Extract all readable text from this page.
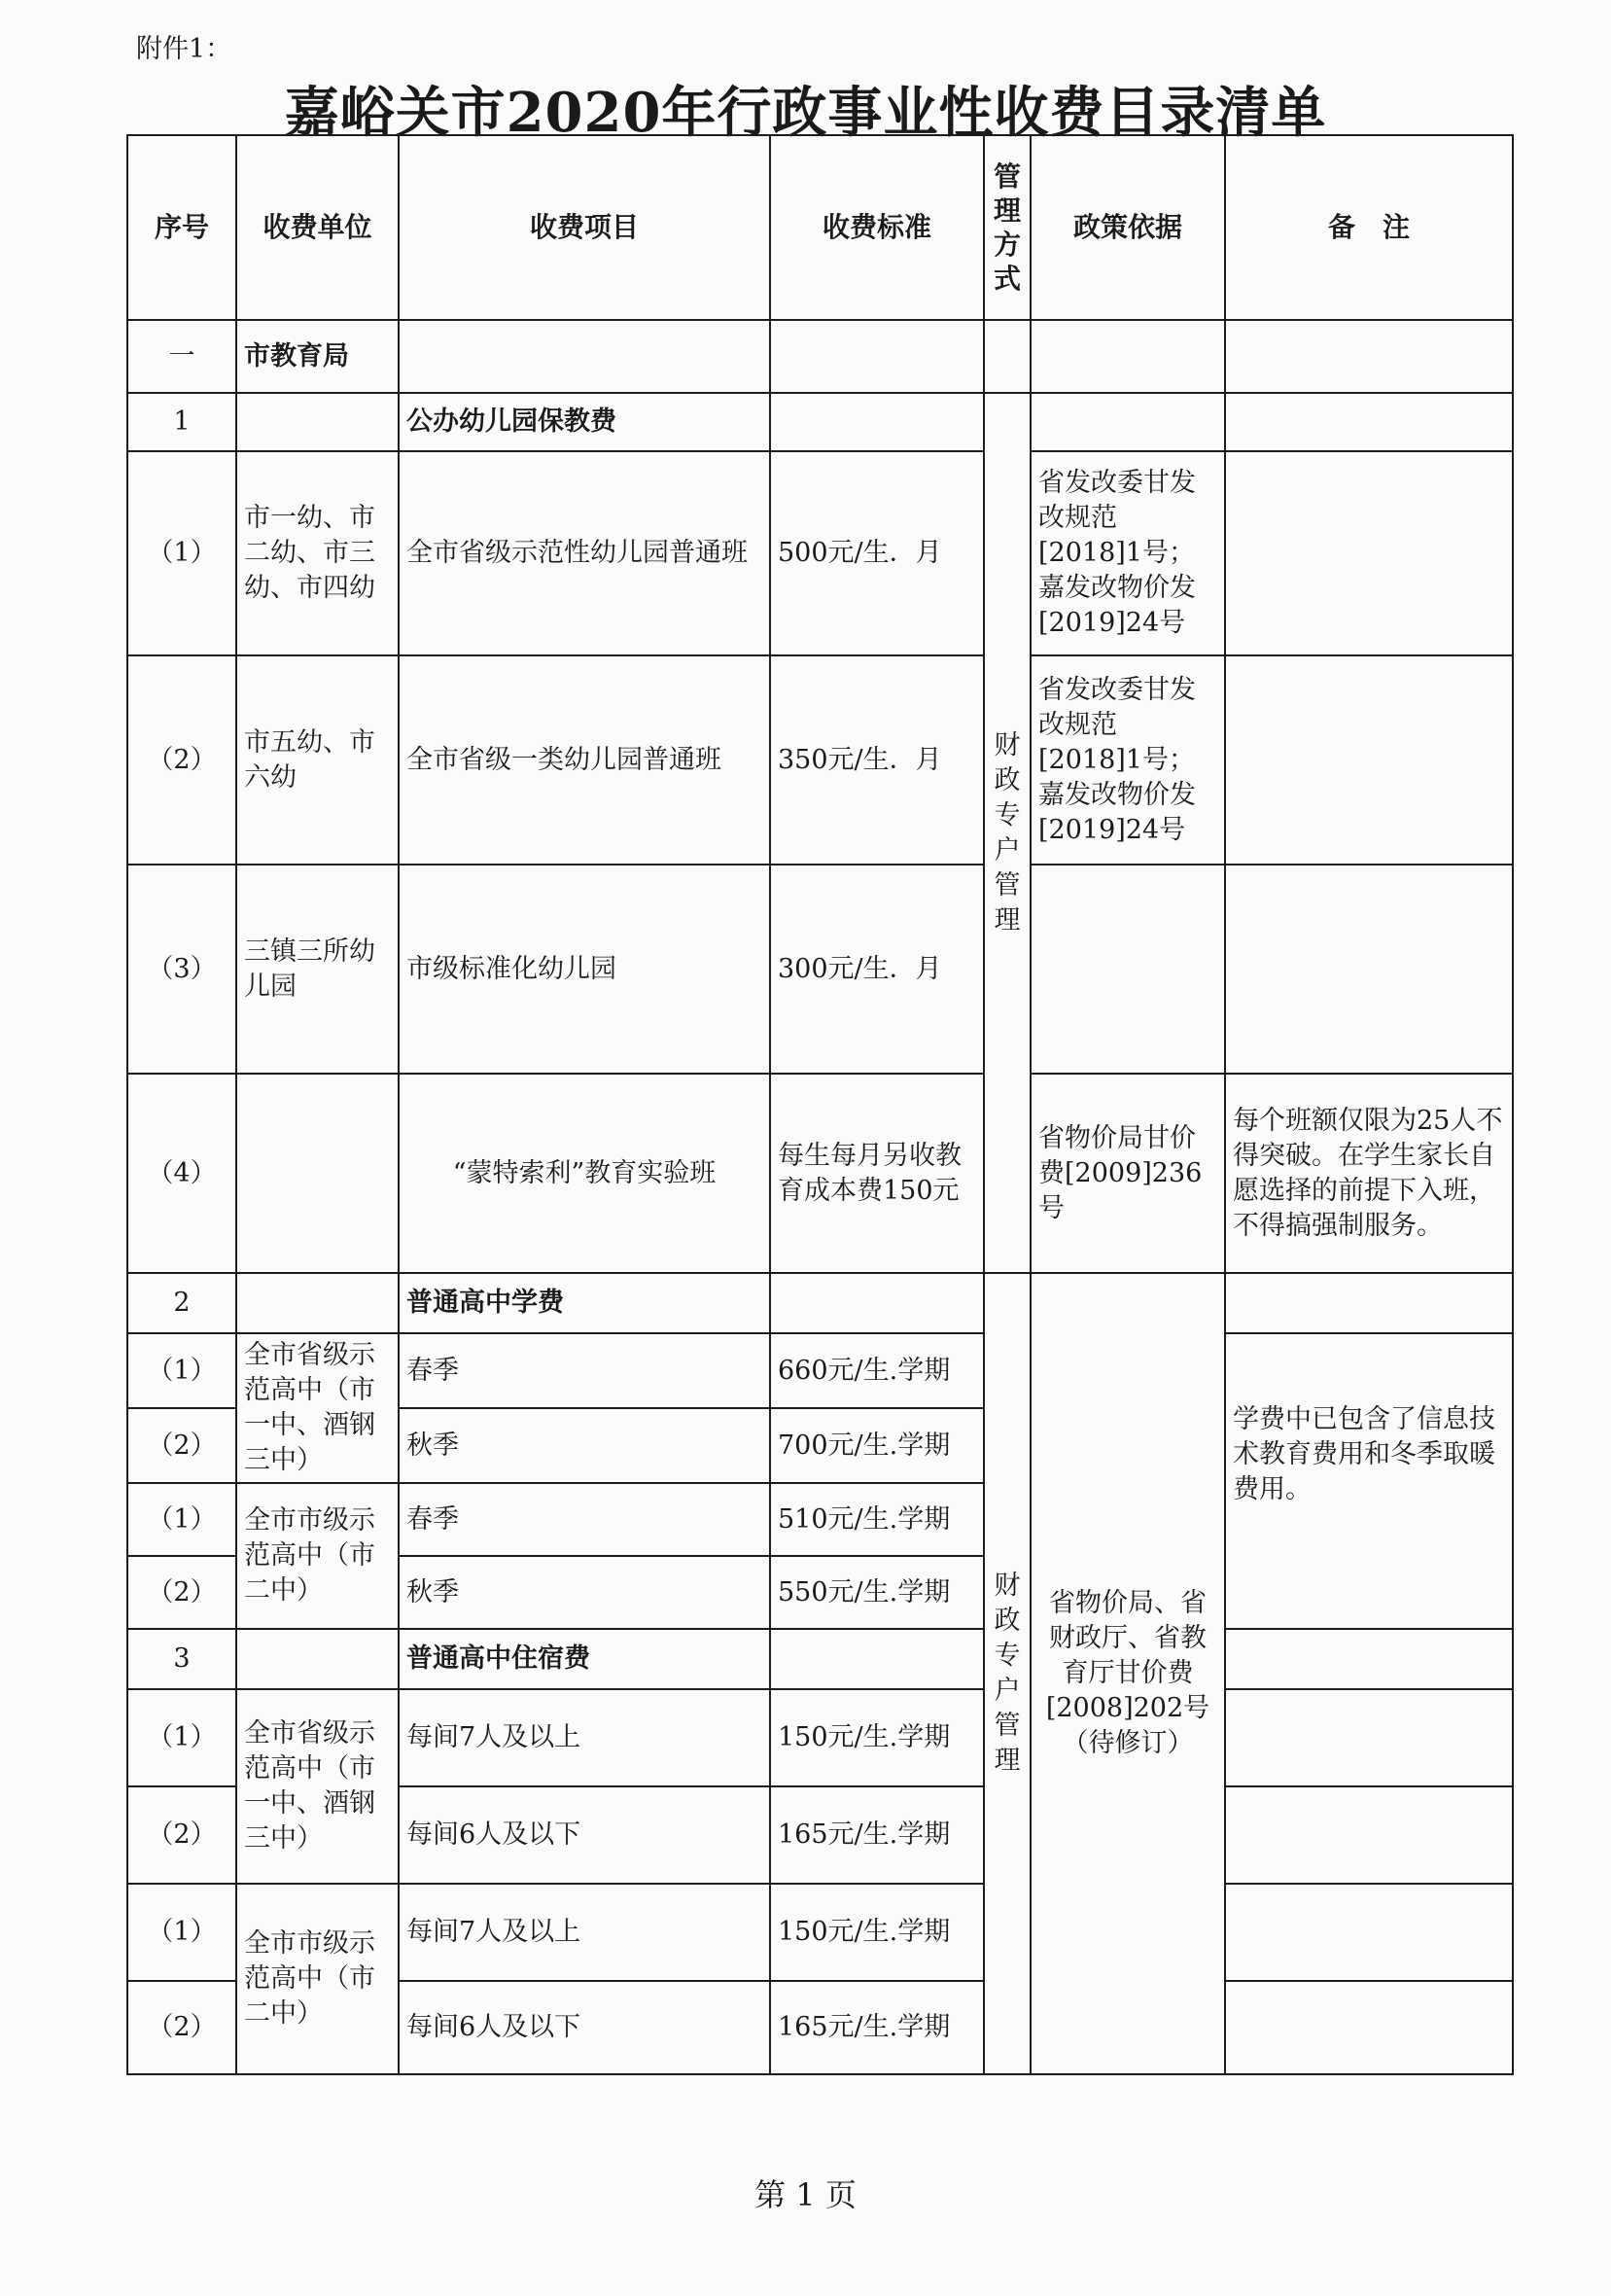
附件1：
嘉峪关市2020年行政事业性收费目录清单
序号	收费单位	收费项目	收费标准	管理方式	政策依据	备　注
一	市教育局					
1		公办幼儿园保教费		财政专户管理		
（1）	市一幼、市二幼、市三幼、市四幼	全市省级示范性幼儿园普通班	500元/生．月		省发改委甘发改规范[2018]1号；嘉发改物价发[2019]24号	
（2）	市五幼、市六幼	全市省级一类幼儿园普通班	350元/生．月		省发改委甘发改规范[2018]1号；嘉发改物价发[2019]24号	
（3）	三镇三所幼儿园	市级标准化幼儿园	300元/生．月			
（4）		“蒙特索利”教育实验班	每生每月另收教育成本费150元		省物价局甘价费[2009]236号	每个班额仅限为25人不得突破。在学生家长自愿选择的前提下入班，不得搞强制服务。
2		普通高中学费		财政专户管理	省物价局、省财政厅、省教育厅甘价费[2008]202号（待修订）	
（1）	全市省级示范高中（市一中、酒钢三中）	春季	660元/生.学期			学费中已包含了信息技术教育费用和冬季取暖费用。
（2）		秋季	700元/生.学期			
（1）	全市市级示范高中（市二中）	春季	510元/生.学期			
（2）		秋季	550元/生.学期			
3		普通高中住宿费				
（1）	全市省级示范高中（市一中、酒钢三中）	每间7人及以上	150元/生.学期			
（2）		每间6人及以下	165元/生.学期			
（1）	全市市级示范高中（市二中）	每间7人及以上	150元/生.学期			
（2）		每间6人及以下	165元/生.学期			
第 1 页
